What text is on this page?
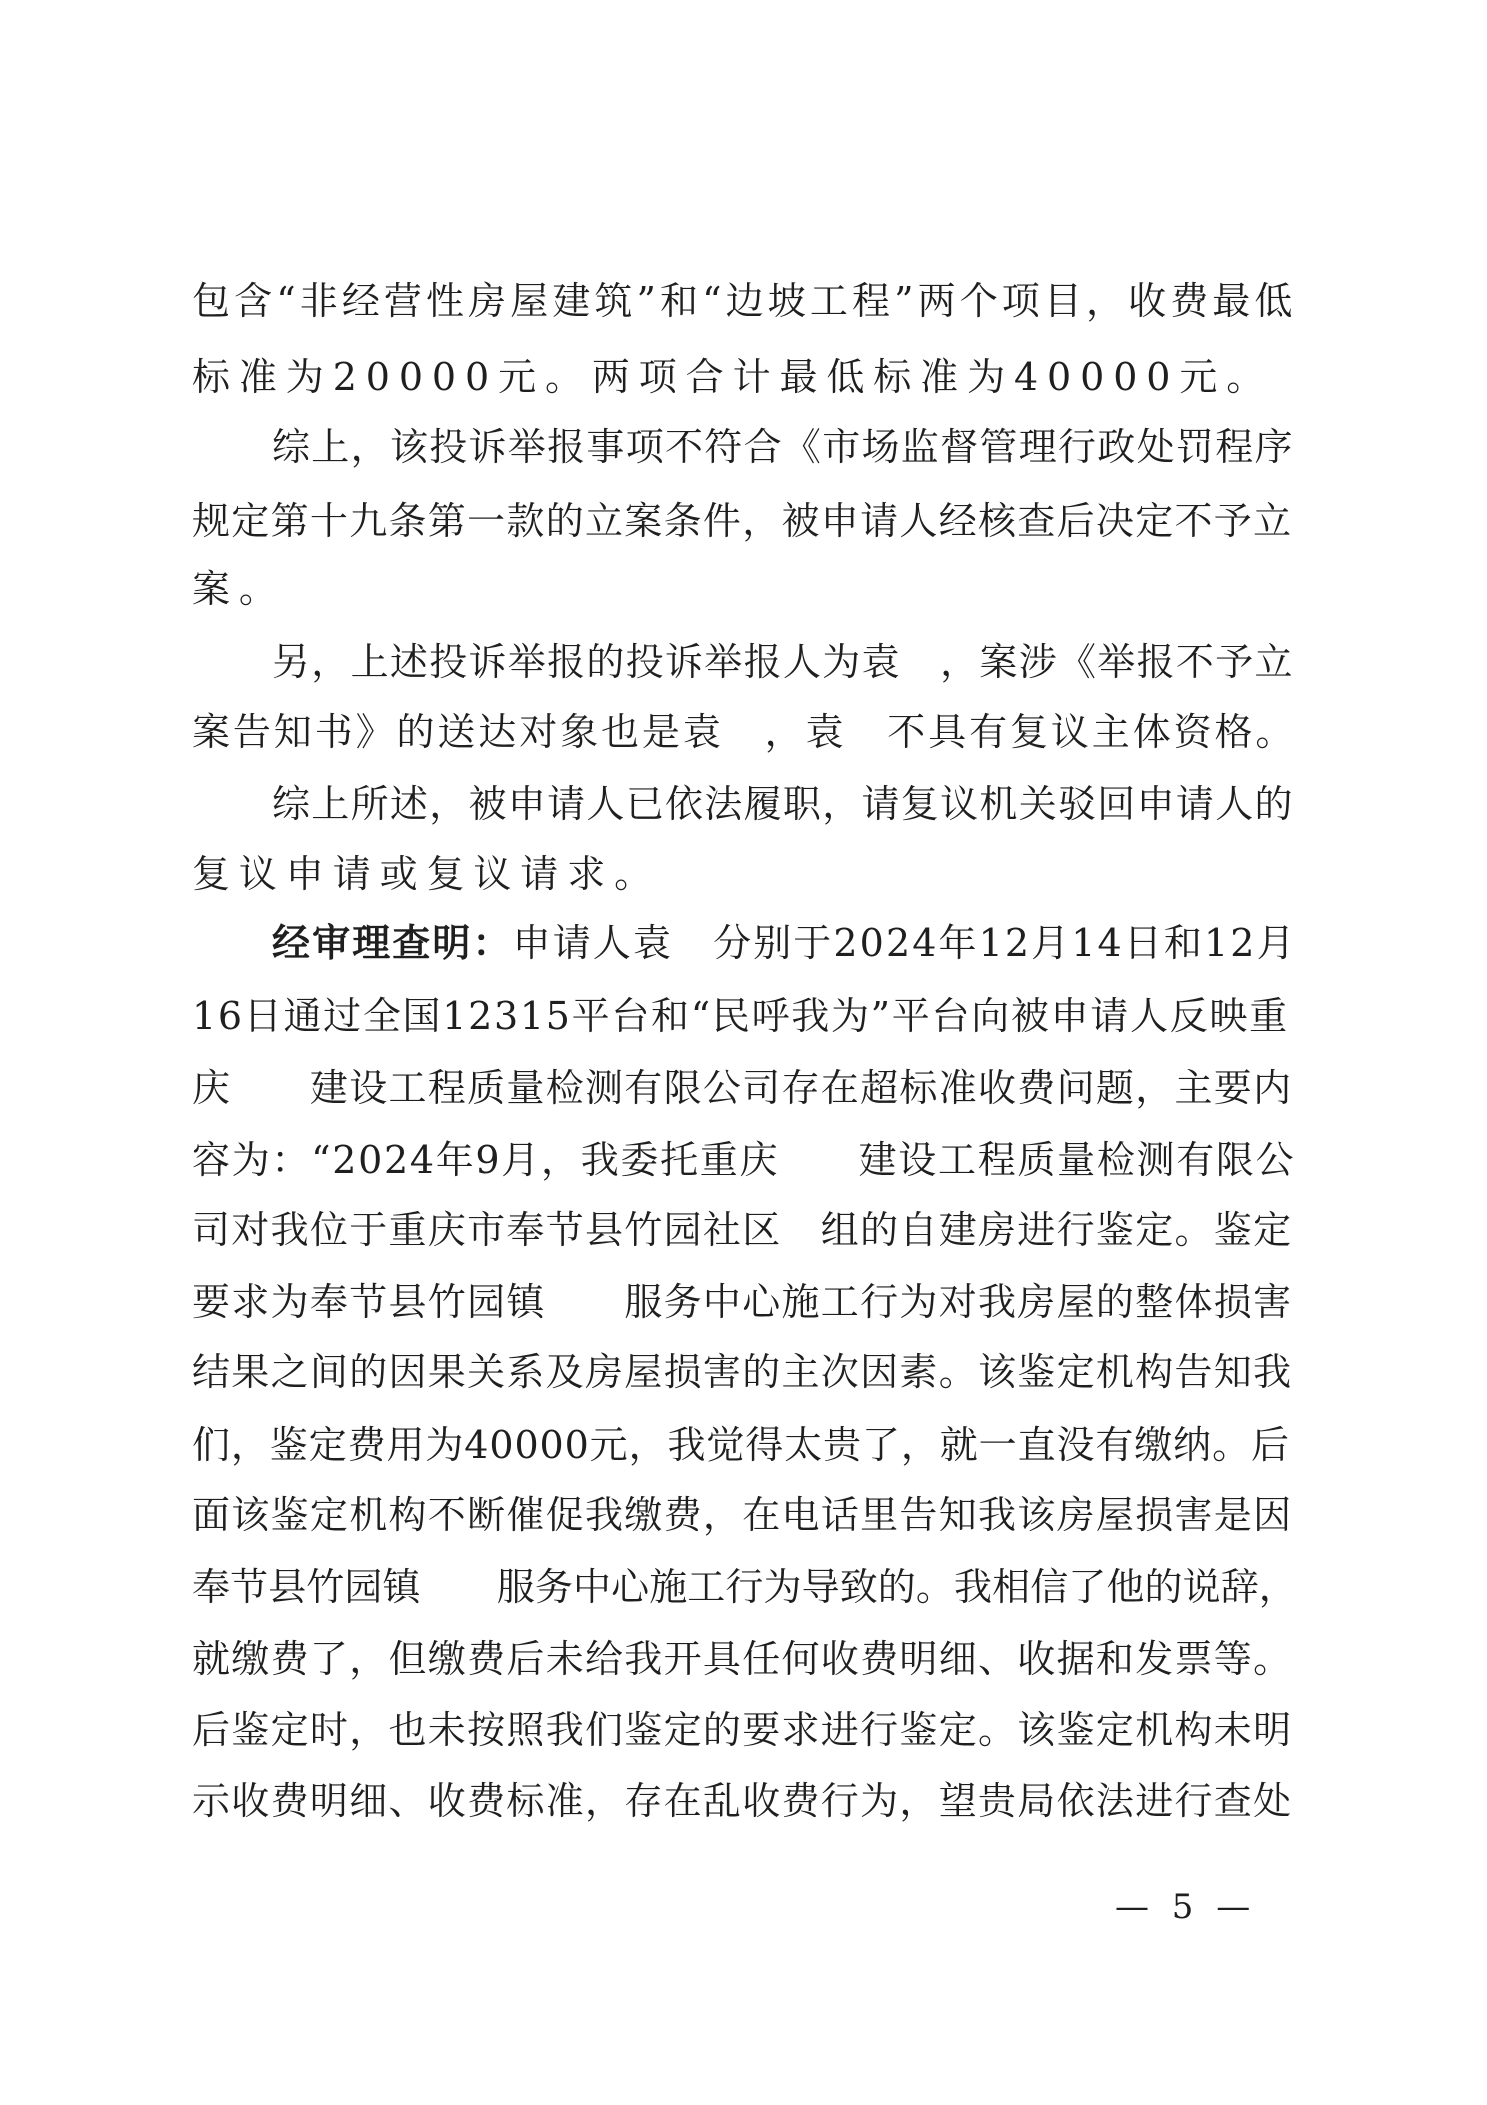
包含“非经营性房屋建筑”和“边坡工程”两个项目，收费最低
标准为20000元。两项合计最低标准为40000元。
综上，该投诉举报事项不符合《市场监督管理行政处罚程序
规定第十九条第一款的立案条件，被申请人经核查后决定不予立
案。
另，上述投诉举报的投诉举报人为袁　，案涉《举报不予立
案告知书》的送达对象也是袁　，袁　不具有复议主体资格。
综上所述，被申请人已依法履职，请复议机关驳回申请人的
复议申请或复议请求。
经审理查明：申请人袁　分别于2024年12月14日和12月
16日通过全国12315平台和“民呼我为”平台向被申请人反映重
庆　　建设工程质量检测有限公司存在超标准收费问题，主要内
容为：“2024年9月，我委托重庆　　建设工程质量检测有限公
司对我位于重庆市奉节县竹园社区　组的自建房进行鉴定。鉴定
要求为奉节县竹园镇　　服务中心施工行为对我房屋的整体损害
结果之间的因果关系及房屋损害的主次因素。该鉴定机构告知我
们，鉴定费用为40000元，我觉得太贵了，就一直没有缴纳。后
面该鉴定机构不断催促我缴费，在电话里告知我该房屋损害是因
奉节县竹园镇　　服务中心施工行为导致的。我相信了他的说辞，
就缴费了，但缴费后未给我开具任何收费明细、收据和发票等。
后鉴定时，也未按照我们鉴定的要求进行鉴定。该鉴定机构未明
示收费明细、收费标准，存在乱收费行为，望贵局依法进行查处
— 5 —
